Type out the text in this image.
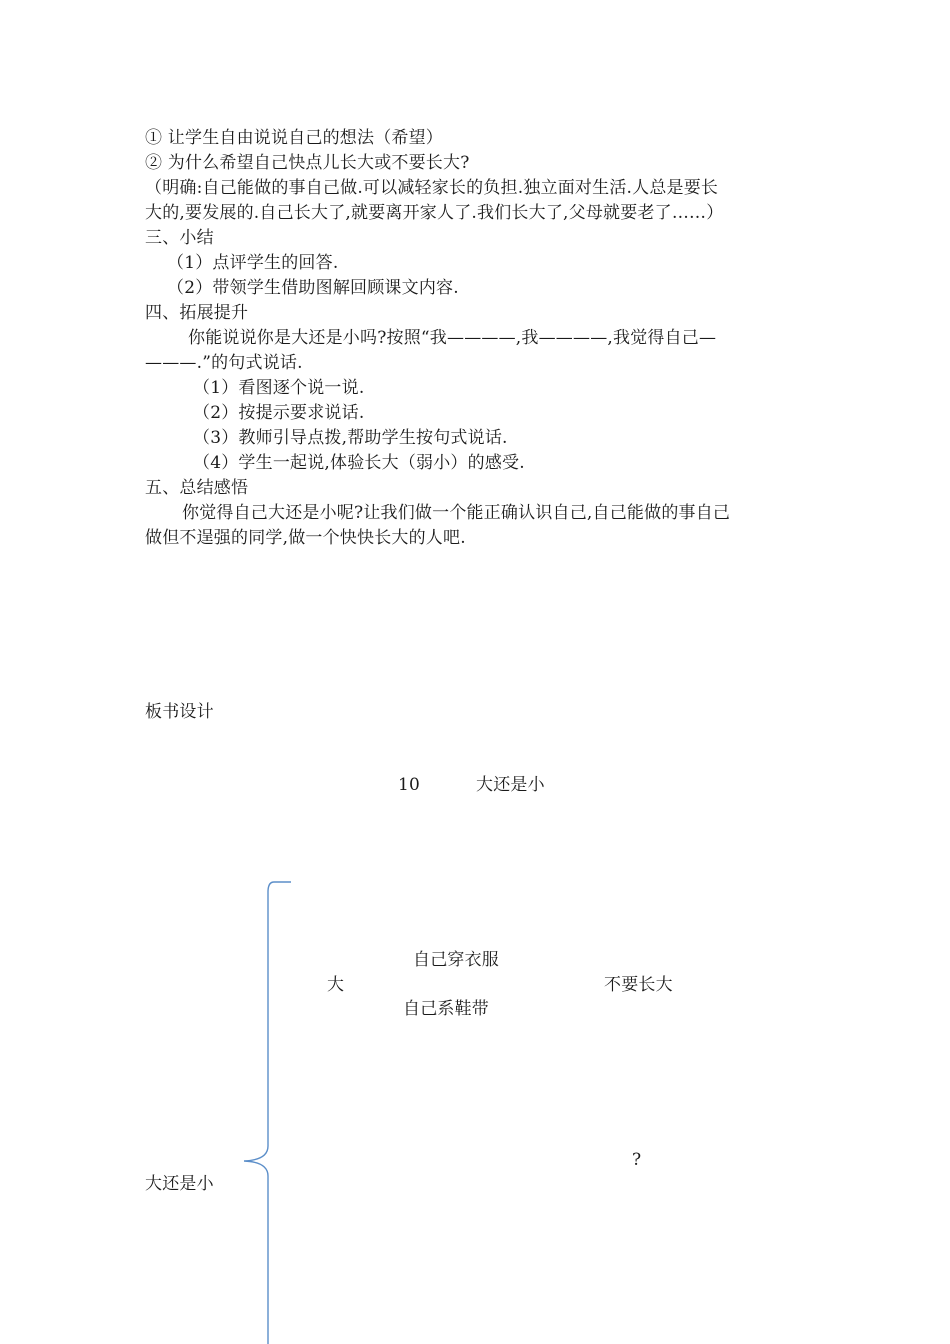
① 让学生自由说说自己的想法（希望）
② 为什么希望自己快点儿长大或不要长大?
（明确:自己能做的事自己做.可以减轻家长的负担.独立面对生活.人总是要长
大的,要发展的.自己长大了,就要离开家人了.我们长大了,父母就要老了……）
三、小结
（1）点评学生的回答.
（2）带领学生借助图解回顾课文内容.
四、拓展提升
你能说说你是大还是小吗?按照“我————,我————,我觉得自己—
———.”的句式说话.
（1）看图逐个说一说.
（2）按提示要求说话.
（3）教师引导点拨,帮助学生按句式说话.
（4）学生一起说,体验长大（弱小）的感受.
五、总结感悟
你觉得自己大还是小呢?让我们做一个能正确认识自己,自己能做的事自己
做但不逞强的同学,做一个快快长大的人吧.
板书设计
10	大还是小
大还是小
自己穿衣服
大	不要长大
自己系鞋带
?
